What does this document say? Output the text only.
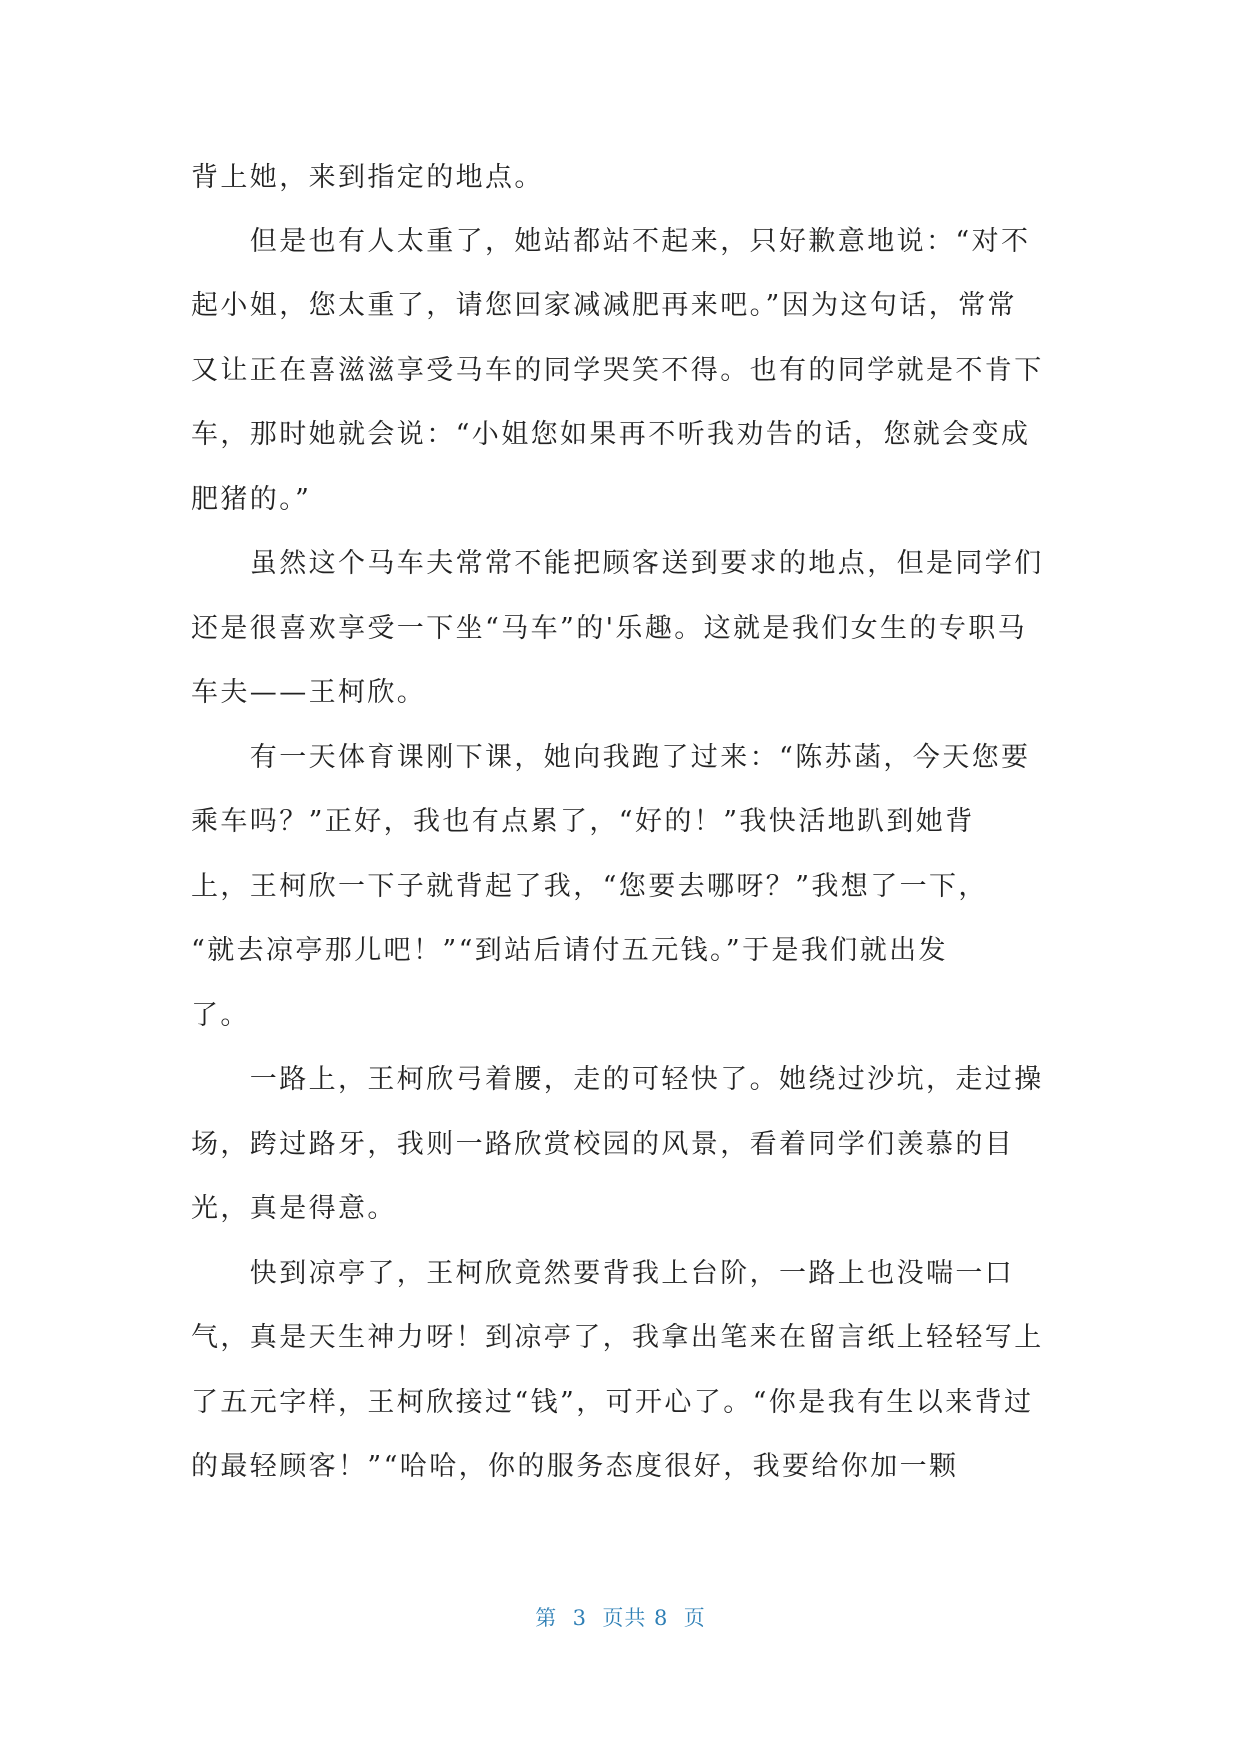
背上她，来到指定的地点。
　　但是也有人太重了，她站都站不起来，只好歉意地说：“对不
起小姐，您太重了，请您回家减减肥再来吧。”因为这句话，常常
又让正在喜滋滋享受马车的同学哭笑不得。也有的同学就是不肯下
车，那时她就会说：“小姐您如果再不听我劝告的话，您就会变成
肥猪的。”
　　虽然这个马车夫常常不能把顾客送到要求的地点，但是同学们
还是很喜欢享受一下坐“马车”的'乐趣。这就是我们女生的专职马
车夫——王柯欣。
　　有一天体育课刚下课，她向我跑了过来：“陈苏菡，今天您要
乘车吗？”正好，我也有点累了，“好的！”我快活地趴到她背
上，王柯欣一下子就背起了我，“您要去哪呀？”我想了一下，
“就去凉亭那儿吧！”“到站后请付五元钱。”于是我们就出发
了。
　　一路上，王柯欣弓着腰，走的可轻快了。她绕过沙坑，走过操
场，跨过路牙，我则一路欣赏校园的风景，看着同学们羡慕的目
光，真是得意。
　　快到凉亭了，王柯欣竟然要背我上台阶，一路上也没喘一口
气，真是天生神力呀！到凉亭了，我拿出笔来在留言纸上轻轻写上
了五元字样，王柯欣接过“钱”，可开心了。“你是我有生以来背过
的最轻顾客！”“哈哈，你的服务态度很好，我要给你加一颗
第  3  页共 8  页
